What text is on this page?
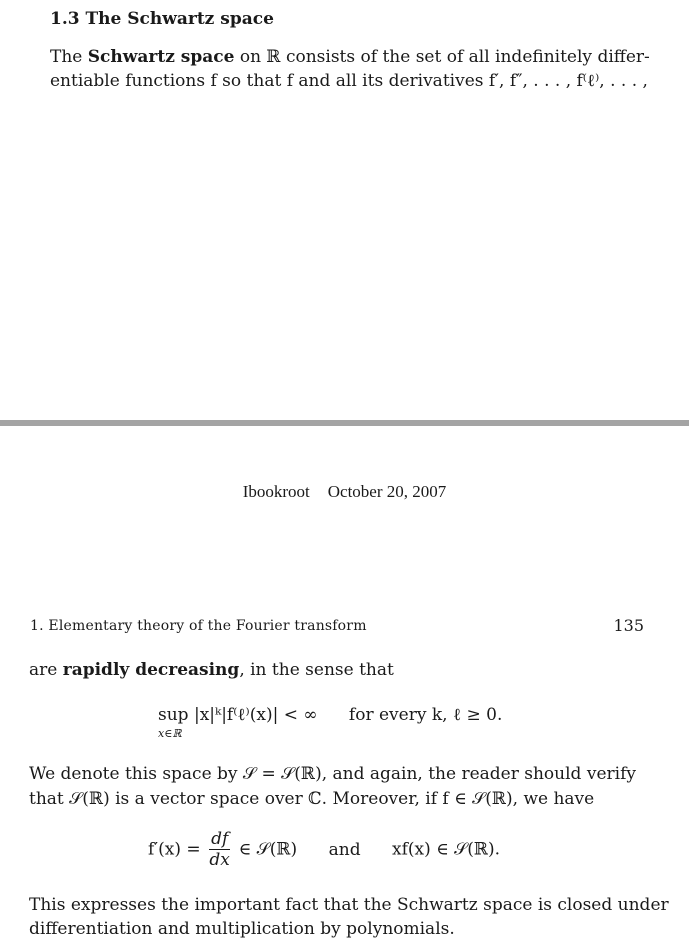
1.3 The Schwartz space
The Schwartz space on ℝ consists of the set of all indefinitely differ-
entiable functions f so that f and all its derivatives f′, f″, . . . , f⁽ℓ⁾, . . . ,
Ibookroot October 20, 2007
1. Elementary theory of the Fourier transform	135
are rapidly decreasing, in the sense that
sup
x∈ℝ
|x|ᵏ|f⁽ℓ⁾(x)| < ∞ for every k, ℓ ≥ 0.
We denote this space by 𝒮 = 𝒮(ℝ), and again, the reader should verify
that 𝒮(ℝ) is a vector space over ℂ. Moreover, if f ∈ 𝒮(ℝ), we have
$f'(x) = \frac{df}{dx}$ ∈ 𝒮(ℝ) and xf(x) ∈ 𝒮(ℝ).
This expresses the important fact that the Schwartz space is closed under
differentiation and multiplication by polynomials.
